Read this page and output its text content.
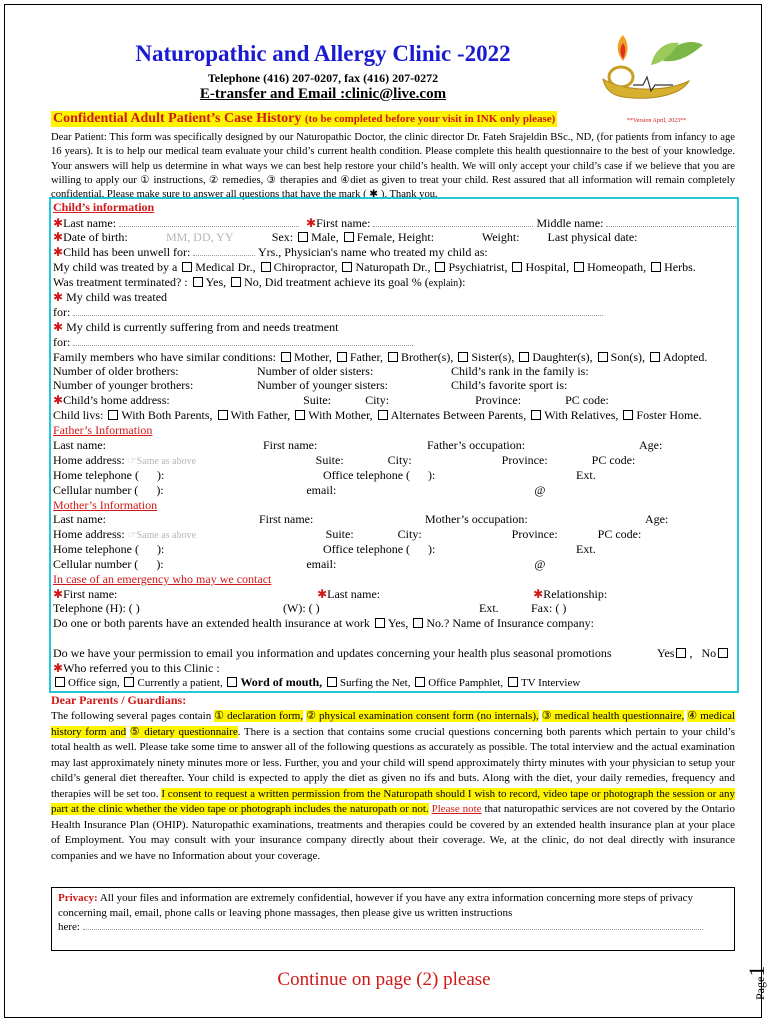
Naturopathic and Allergy Clinic -2022
Telephone (416) 207-0207, fax (416) 207-0272
E-transfer and Email :clinic@live.com
Confidential Adult Patient’s Case History (to be completed before your visit in INK only please)	**Version April, 2023**
Dear Patient: This form was specifically designed by our Naturopathic Doctor, the clinic director Dr. Fateh Srajeldin BSc., ND, (for patients from infancy to age 16 years). It is to help our medical team evaluate your child’s current health condition. Please complete this health questionnaire to the best of your knowledge. Your answers will help us determine in what ways we can best help restore your child’s health. We will only accept your child’s case if we believe that you are willing to apply our ① instructions, ② remedies, ③ therapies and ④diet as given to treat your child. Rest assured that all information will remain completely confidential. Please make sure to answer all questions that have the mark ( ✱ ), Thank you.
Child’s information
✱Last name:	✱First name:	Middle name:
✱Date of birth:	MM, DD, YY	Sex: Male, Female, Height:	Weight: Last physical date:
✱Child has been unwell for:	Yrs., Physician's name who treated my child as:
My child was treated by a Medical Dr., Chiropractor, Naturopath Dr., Psychiatrist, Hospital, Homeopath, Herbs.
Was treatment terminated? : Yes, No, Did treatment achieve its goal % (explain):
✱ My child was treated
for:
✱ My child is currently suffering from and needs treatment
for:
Family members who have similar conditions: Mother, Father, Brother(s), Sister(s), Daughter(s), Son(s), Adopted.
Number of older brothers:	Number of older sisters:	Child’s rank in the family is:
Number of younger brothers:	Number of younger sisters:	Child’s favorite sport is:
✱Child’s home address:	Suite:	City:	Province:	PC code:
Child livs: With Both Parents, With Father, With Mother, Alternates Between Parents, With Relatives, Foster Home.
Father’s Information
Last name:	First name:	Father’s occupation:	Age:
Home address: ☞Same as above	Suite:	City:	Province:	PC code:
Home telephone ( ):	Office telephone ( ):	Ext.
Cellular number ( ):	email:	@
Mother’s Information
Last name:	First name:	Mother’s occupation:	Age:
Home address: ☞Same as above	Suite:	City:	Province:	PC code:
Home telephone ( ):	Office telephone ( ):	Ext.
Cellular number ( ):	email:	@
In case of an emergency who may we contact
✱First name:	✱Last name:	✱Relationship:
Telephone (H): ( )	(W): ( )	Ext.	Fax: ( )
Do one or both parents have an extended health insurance at work Yes, No.? Name of Insurance company:
Do we have your permission to email you information and updates concerning your health plus seasonal promotions	Yes ,   No
✱Who referred you to this Clinic :
Office sign, Currently a patient, Word of mouth, Surfing the Net, Office Pamphlet, TV Interview
Dear Parents / Guardians:
The following several pages contain ① declaration form, ② physical examination consent form (no internals), ③ medical health questionnaire, ④ medical history form and ⑤ dietary questionnaire. There is a section that contains some crucial questions concerning both parents which pertain to your child’s total health as well. Please take some time to answer all of the following questions as accurately as possible. The total interview and the actual examination may last approximately ninety minutes more or less. Further, you and your child will spend approximately thirty minutes with your physician to setup your child’s general diet thereafter. Your child is expected to apply the diet as given no ifs and buts. Along with the diet, your daily remedies, frequency and therapies will be set too. I consent to request a written permission from the Naturopath should I wish to record, video tape or photograph the session or any part at the clinic whether the video tape or photograph includes the naturopath or not. Please note that naturopathic services are not covered by the Ontario Health Insurance Plan (OHIP). Naturopathic examinations, treatments and therapies could be covered by an extended health insurance plan at your place of Employment. You may consult with your insurance company directly about their coverage. We, at the clinic, do not deal directly with insurance companies and we have no Information about your coverage.
Privacy: All your files and information are extremely confidential, however if you have any extra information concerning more steps of privacy concerning mail, email, phone calls or leaving phone massages, then please give us written instructions
here:
Continue on page (2) please	Page1
